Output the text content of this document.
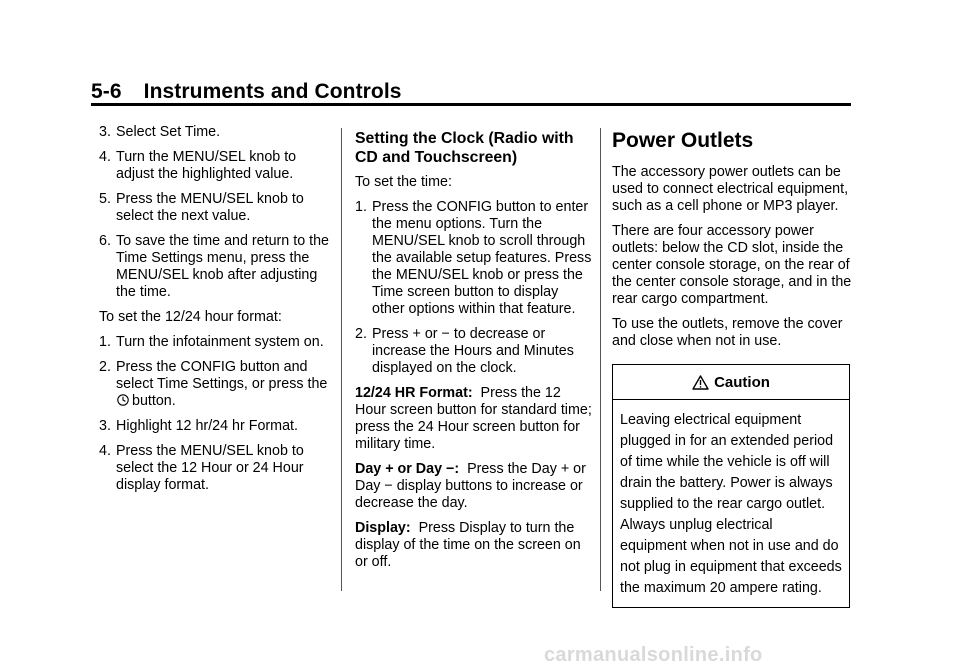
5-6 Instruments and Controls
3. Select Set Time.
4. Turn the MENU/SEL knob to adjust the highlighted value.
5. Press the MENU/SEL knob to select the next value.
6. To save the time and return to the Time Settings menu, press the MENU/SEL knob after adjusting the time.

To set the 12/24 hour format:

1. Turn the infotainment system on.
2. Press the CONFIG button and select Time Settings, or press the button.
3. Highlight 12 hr/24 hr Format.
4. Press the MENU/SEL knob to select the 12 Hour or 24 Hour display format.
Setting the Clock (Radio with CD and Touchscreen)

To set the time:

1. Press the CONFIG button to enter the menu options. Turn the MENU/SEL knob to scroll through the available setup features. Press the MENU/SEL knob or press the Time screen button to display other options within that feature.
2. Press + or − to decrease or increase the Hours and Minutes displayed on the clock.

12/24 HR Format: Press the 12 Hour screen button for standard time; press the 24 Hour screen button for military time.

Day + or Day −: Press the Day + or Day − display buttons to increase or decrease the day.

Display: Press Display to turn the display of the time on the screen on or off.

Power Outlets

The accessory power outlets can be used to connect electrical equipment, such as a cell phone or MP3 player.

There are four accessory power outlets: below the CD slot, inside the center console storage, on the rear of the center console storage, and in the rear cargo compartment.

To use the outlets, remove the cover and close when not in use.

Caution
Leaving electrical equipment plugged in for an extended period of time while the vehicle is off will drain the battery. Power is always supplied to the rear cargo outlet. Always unplug electrical equipment when not in use and do not plug in equipment that exceeds the maximum 20 ampere rating.
carmanualsonline.info
